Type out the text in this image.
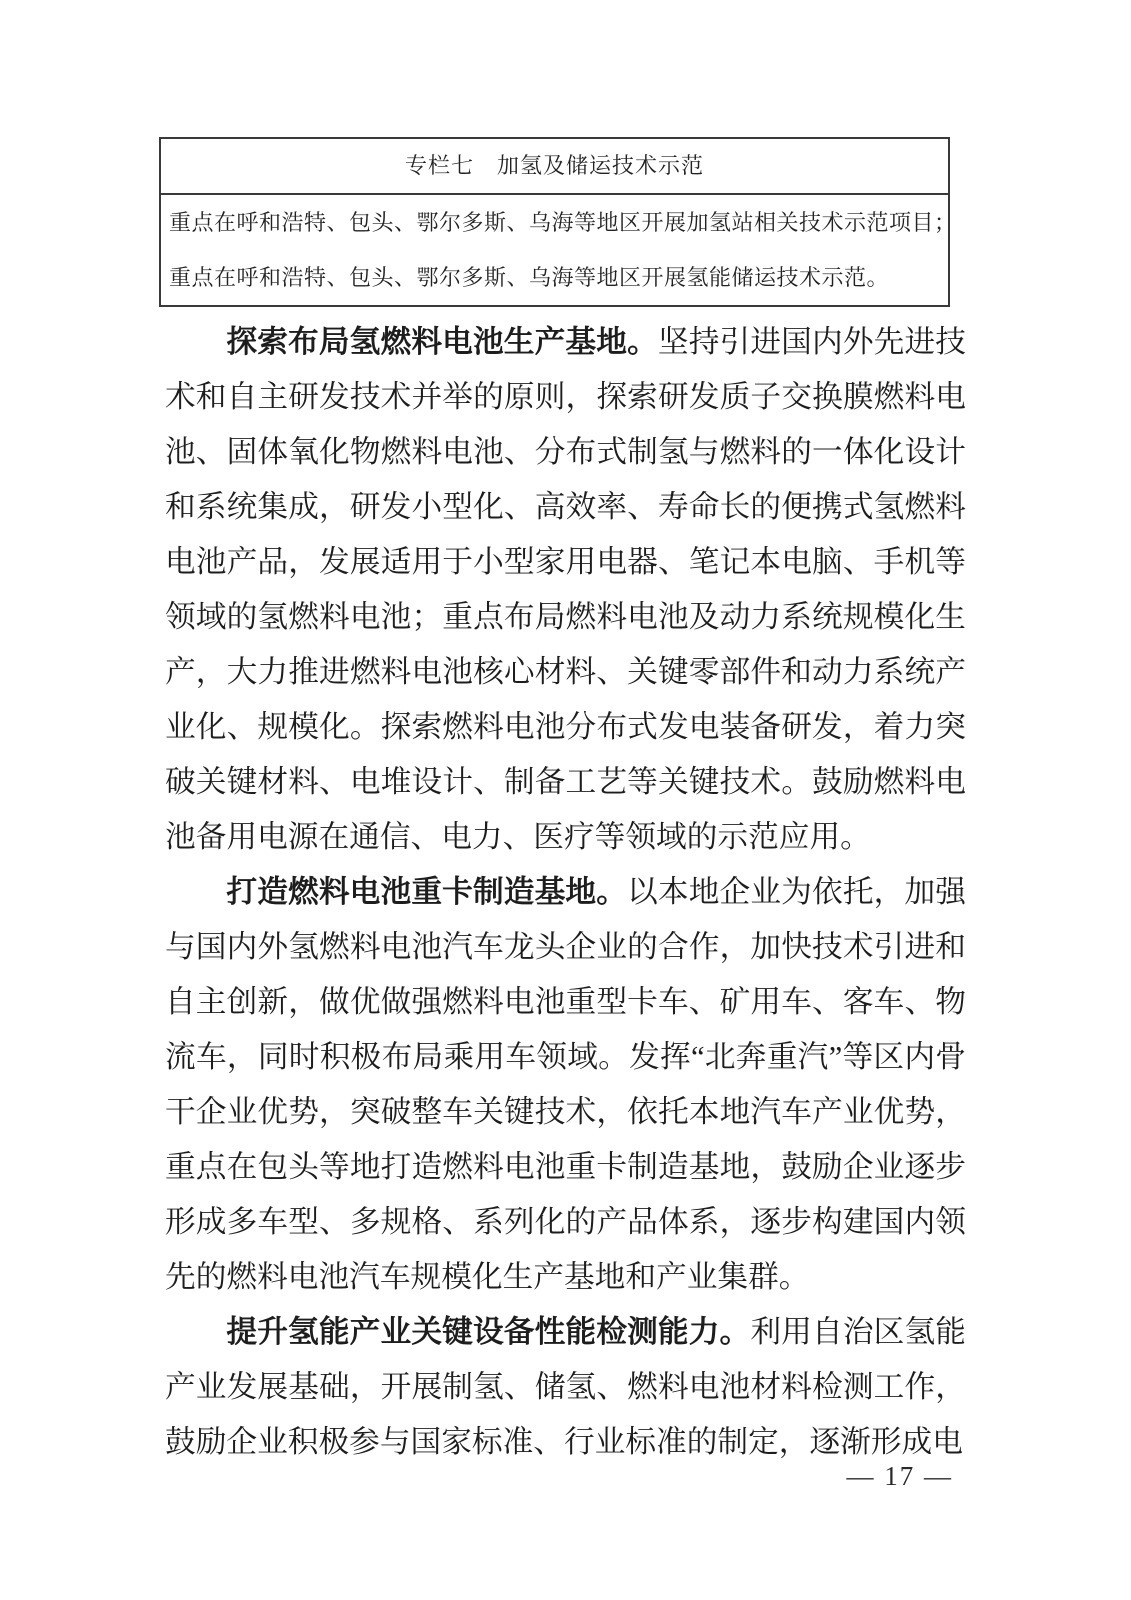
专栏七　加氢及储运技术示范
重点在呼和浩特、包头、鄂尔多斯、乌海等地区开展加氢站相关技术示范项目；
重点在呼和浩特、包头、鄂尔多斯、乌海等地区开展氢能储运技术示范。

探索布局氢燃料电池生产基地。坚持引进国内外先进技术和自主研发技术并举的原则，探索研发质子交换膜燃料电池、固体氧化物燃料电池、分布式制氢与燃料的一体化设计和系统集成，研发小型化、高效率、寿命长的便携式氢燃料电池产品，发展适用于小型家用电器、笔记本电脑、手机等领域的氢燃料电池；重点布局燃料电池及动力系统规模化生产，大力推进燃料电池核心材料、关键零部件和动力系统产业化、规模化。探索燃料电池分布式发电装备研发，着力突破关键材料、电堆设计、制备工艺等关键技术。鼓励燃料电池备用电源在通信、电力、医疗等领域的示范应用。

打造燃料电池重卡制造基地。以本地企业为依托，加强与国内外氢燃料电池汽车龙头企业的合作，加快技术引进和自主创新，做优做强燃料电池重型卡车、矿用车、客车、物流车，同时积极布局乘用车领域。发挥“北奔重汽”等区内骨干企业优势，突破整车关键技术，依托本地汽车产业优势，重点在包头等地打造燃料电池重卡制造基地，鼓励企业逐步形成多车型、多规格、系列化的产品体系，逐步构建国内领先的燃料电池汽车规模化生产基地和产业集群。

提升氢能产业关键设备性能检测能力。利用自治区氢能产业发展基础，开展制氢、储氢、燃料电池材料检测工作，鼓励企业积极参与国家标准、行业标准的制定，逐渐形成电

— 17 —
